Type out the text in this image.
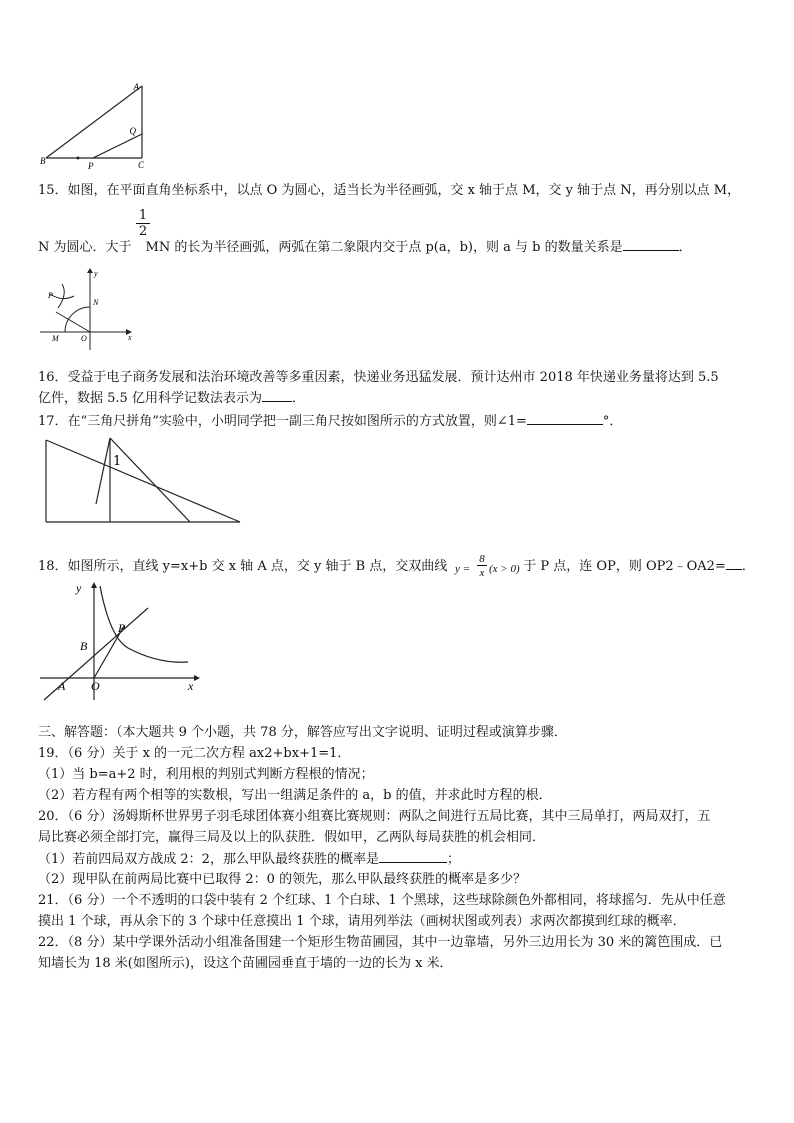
A
B	C
P
Q
15．如图，在平面直角坐标系中，以点 O 为圆心，适当长为半径画弧，交 x 轴于点 M，交 y 轴于点 N，再分别以点 M，
$\frac{1}{2}$
N 为圆心．大于 MN 的长为半径画弧，两弧在第二象限内交于点 p(a，b)，则 a 与 b 的数量关系是	．
y
x
P
N
M	O
16．受益于电子商务发展和法治环境改善等多重因素，快递业务迅猛发展．预计达州市 2018 年快递业务量将达到 5.5
亿件，数据 5.5 亿用科学记数法表示为 ．
17．在“三角尺拼角”实验中，小明同学把一副三角尺按如图所示的方式放置，则∠1=	°．
1
y =
8
x (x > 0)
18．如图所示，直线 y=x+b 交 x 轴 A 点，交 y 轴于 B 点，交双曲线	于 P 点，连 OP，则 OP2﹣OA2= ．
y
x
B
P
A O
三、解答题：（本大题共 9 个小题，共 78 分，解答应写出文字说明、证明过程或演算步骤．
19．（6 分）关于 x 的一元二次方程 ax2+bx+1=1．
（1）当 b=a+2 时，利用根的判别式判断方程根的情况；
（2）若方程有两个相等的实数根，写出一组满足条件的 a，b 的值，并求此时方程的根．
20．（6 分）汤姆斯杯世界男子羽毛球团体赛小组赛比赛规则：两队之间进行五局比赛，其中三局单打，两局双打，五
局比赛必须全部打完，赢得三局及以上的队获胜．假如甲，乙两队每局获胜的机会相同．
（1）若前四局双方战成 2：2，那么甲队最终获胜的概率是	；
（2）现甲队在前两局比赛中已取得 2：0 的领先，那么甲队最终获胜的概率是多少？
21．（6 分）一个不透明的口袋中装有 2 个红球、1 个白球、1 个黑球，这些球除颜色外都相同，将球摇匀．先从中任意
摸出 1 个球，再从余下的 3 个球中任意摸出 1 个球，请用列举法（画树状图或列表）求两次都摸到红球的概率．
22．（8 分）某中学课外活动小组准备围建一个矩形生物苗圃园，其中一边靠墙，另外三边用长为 30 米的篱笆围成．已
知墙长为 18 米(如图所示)，设这个苗圃园垂直于墙的一边的长为 x 米．
